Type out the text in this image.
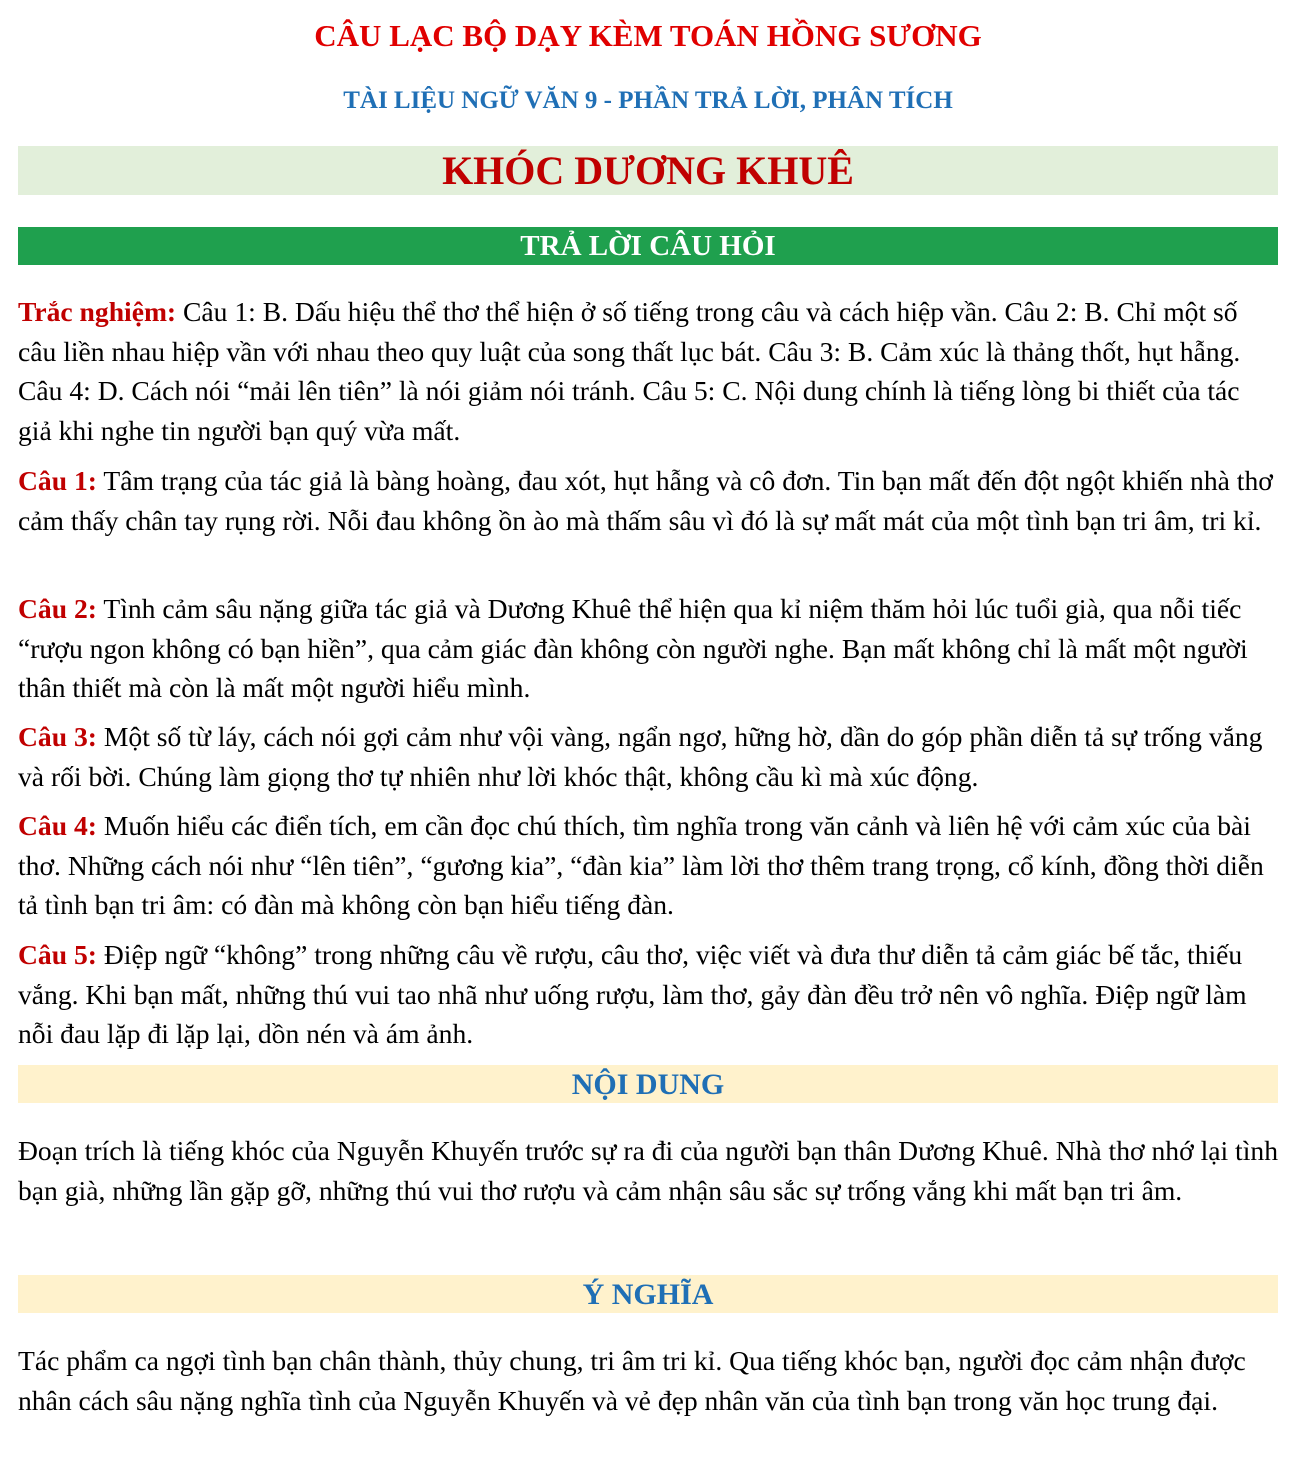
CÂU LẠC BỘ DẠY KÈM TOÁN HỒNG SƯƠNG
TÀI LIỆU NGỮ VĂN 9 - PHẦN TRẢ LỜI, PHÂN TÍCH
KHÓC DƯƠNG KHUÊ
TRẢ LỜI CÂU HỎI

Trắc nghiệm: Câu 1: B. Dấu hiệu thể thơ thể hiện ở số tiếng trong câu và cách hiệp vần. Câu 2: B. Chỉ một số câu liền nhau hiệp vần với nhau theo quy luật của song thất lục bát. Câu 3: B. Cảm xúc là thảng thốt, hụt hẫng. Câu 4: D. Cách nói “mải lên tiên” là nói giảm nói tránh. Câu 5: C. Nội dung chính là tiếng lòng bi thiết của tác giả khi nghe tin người bạn quý vừa mất.

Câu 1: Tâm trạng của tác giả là bàng hoàng, đau xót, hụt hẫng và cô đơn. Tin bạn mất đến đột ngột khiến nhà thơ cảm thấy chân tay rụng rời. Nỗi đau không ồn ào mà thấm sâu vì đó là sự mất mát của một tình bạn tri âm, tri kỉ.

Câu 2: Tình cảm sâu nặng giữa tác giả và Dương Khuê thể hiện qua kỉ niệm thăm hỏi lúc tuổi già, qua nỗi tiếc “rượu ngon không có bạn hiền”, qua cảm giác đàn không còn người nghe. Bạn mất không chỉ là mất một người thân thiết mà còn là mất một người hiểu mình.

Câu 3: Một số từ láy, cách nói gợi cảm như vội vàng, ngẩn ngơ, hững hờ, dần do góp phần diễn tả sự trống vắng và rối bời. Chúng làm giọng thơ tự nhiên như lời khóc thật, không cầu kì mà xúc động.

Câu 4: Muốn hiểu các điển tích, em cần đọc chú thích, tìm nghĩa trong văn cảnh và liên hệ với cảm xúc của bài thơ. Những cách nói như “lên tiên”, “gương kia”, “đàn kia” làm lời thơ thêm trang trọng, cổ kính, đồng thời diễn tả tình bạn tri âm: có đàn mà không còn bạn hiểu tiếng đàn.

Câu 5: Điệp ngữ “không” trong những câu về rượu, câu thơ, việc viết và đưa thư diễn tả cảm giác bế tắc, thiếu vắng. Khi bạn mất, những thú vui tao nhã như uống rượu, làm thơ, gảy đàn đều trở nên vô nghĩa. Điệp ngữ làm nỗi đau lặp đi lặp lại, dồn nén và ám ảnh.

NỘI DUNG

Đoạn trích là tiếng khóc của Nguyễn Khuyến trước sự ra đi của người bạn thân Dương Khuê. Nhà thơ nhớ lại tình bạn già, những lần gặp gỡ, những thú vui thơ rượu và cảm nhận sâu sắc sự trống vắng khi mất bạn tri âm.

Ý NGHĨA

Tác phẩm ca ngợi tình bạn chân thành, thủy chung, tri âm tri kỉ. Qua tiếng khóc bạn, người đọc cảm nhận được nhân cách sâu nặng nghĩa tình của Nguyễn Khuyến và vẻ đẹp nhân văn của tình bạn trong văn học trung đại.
